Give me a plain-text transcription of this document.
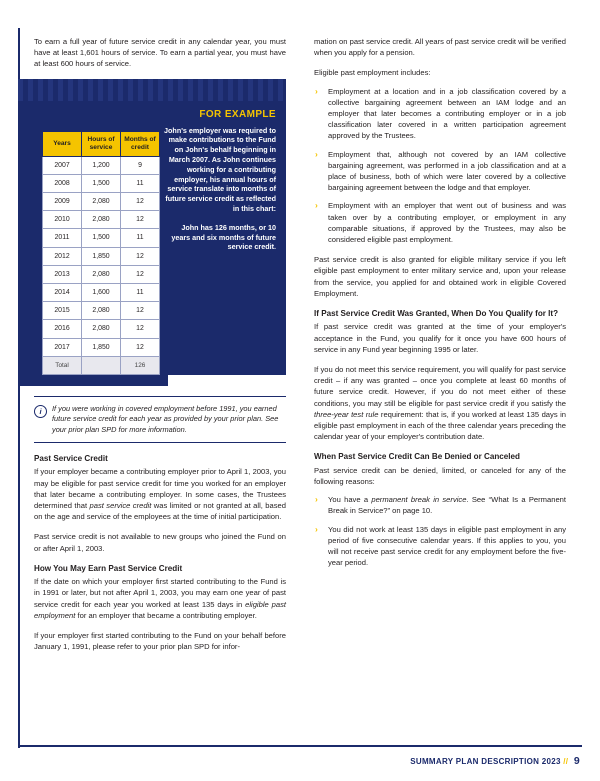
To earn a full year of future service credit in any calendar year, you must have at least 1,601 hours of service. To earn a partial year, you must have at least 600 hours of service.

FOR EXAMPLE
John's employer was required to make contributions to the Fund on John's behalf beginning in March 2007. As John continues working for a contributing employer, his annual hours of service translate into months of future service credit as reflected in this chart:
John has 126 months, or 10 years and six months of future service credit.
Years	Hours of service	Months of credit
2007	1,200	9
2008	1,500	11
2009	2,080	12
2010	2,080	12
2011	1,500	11
2012	1,850	12
2013	2,080	12
2014	1,600	11
2015	2,080	12
2016	2,080	12
2017	1,850	12
Total		126
i	If you were working in covered employment before 1991, you earned future service credit for each year as provided by your prior plan. See your prior plan SPD for more information.
Past Service Credit

If your employer became a contributing employer prior to April 1, 2003, you may be eligible for past service credit for time you worked for an employer that later became a contributing employer. In some cases, the Trustees determined that past service credit was limited or not granted at all, based on the age and service of the employees at the time of initial participation.

Past service credit is not available to new groups who joined the Fund on or after April 1, 2003.

How You May Earn Past Service Credit

If the date on which your employer first started contributing to the Fund is in 1991 or later, but not after April 1, 2003, you may earn one year of past service credit for each year you worked at least 135 days in eligible past employment for an employer that became a contributing employer.

If your employer first started contributing to the Fund on your behalf before January 1, 1991, please refer to your prior plan SPD for infor-

mation on past service credit. All years of past service credit will be verified when you apply for a pension.

Eligible past employment includes:

› Employment at a location and in a job classification covered by a collective bargaining agreement between an IAM lodge and an employer that later becomes a contributing employer or in a job classification later covered in a written participation agreement approved by the Trustees.
› Employment that, although not covered by an IAM collective bargaining agreement, was performed in a job classification and at a place of business, both of which were later covered by a collective bargaining agreement between the lodge and that employer.
› Employment with an employer that went out of business and was taken over by a contributing employer, or employment in any comparable situations, if approved by the Trustees, may also be considered eligible past employment.

Past service credit is also granted for eligible military service if you left eligible past employment to enter military service and, upon your release from the service, you applied for and obtained work in eligible Covered Employment.

If Past Service Credit Was Granted, When Do You Qualify for It?

If past service credit was granted at the time of your employer's acceptance in the Fund, you qualify for it once you have 600 hours of service in any Fund year beginning 1995 or later.

If you do not meet this service requirement, you will qualify for past service credit – if any was granted – once you complete at least 60 months of future service credit. However, if you do not meet either of these conditions, you may still be eligible for past service credit if you satisfy the three-year test rule requirement: that is, if you worked at least 135 days in eligible past employment in each of the three calendar years preceding the calendar year of your employer's contribution date.

When Past Service Credit Can Be Denied or Canceled

Past service credit can be denied, limited, or canceled for any of the following reasons:

› You have a permanent break in service. See “What Is a Permanent Break in Service?” on page 10.
› You did not work at least 135 days in eligible past employment in any period of five consecutive calendar years. If this applies to you, you will not receive past service credit for any employment before the five-year period.
SUMMARY PLAN DESCRIPTION 2023 // 9
